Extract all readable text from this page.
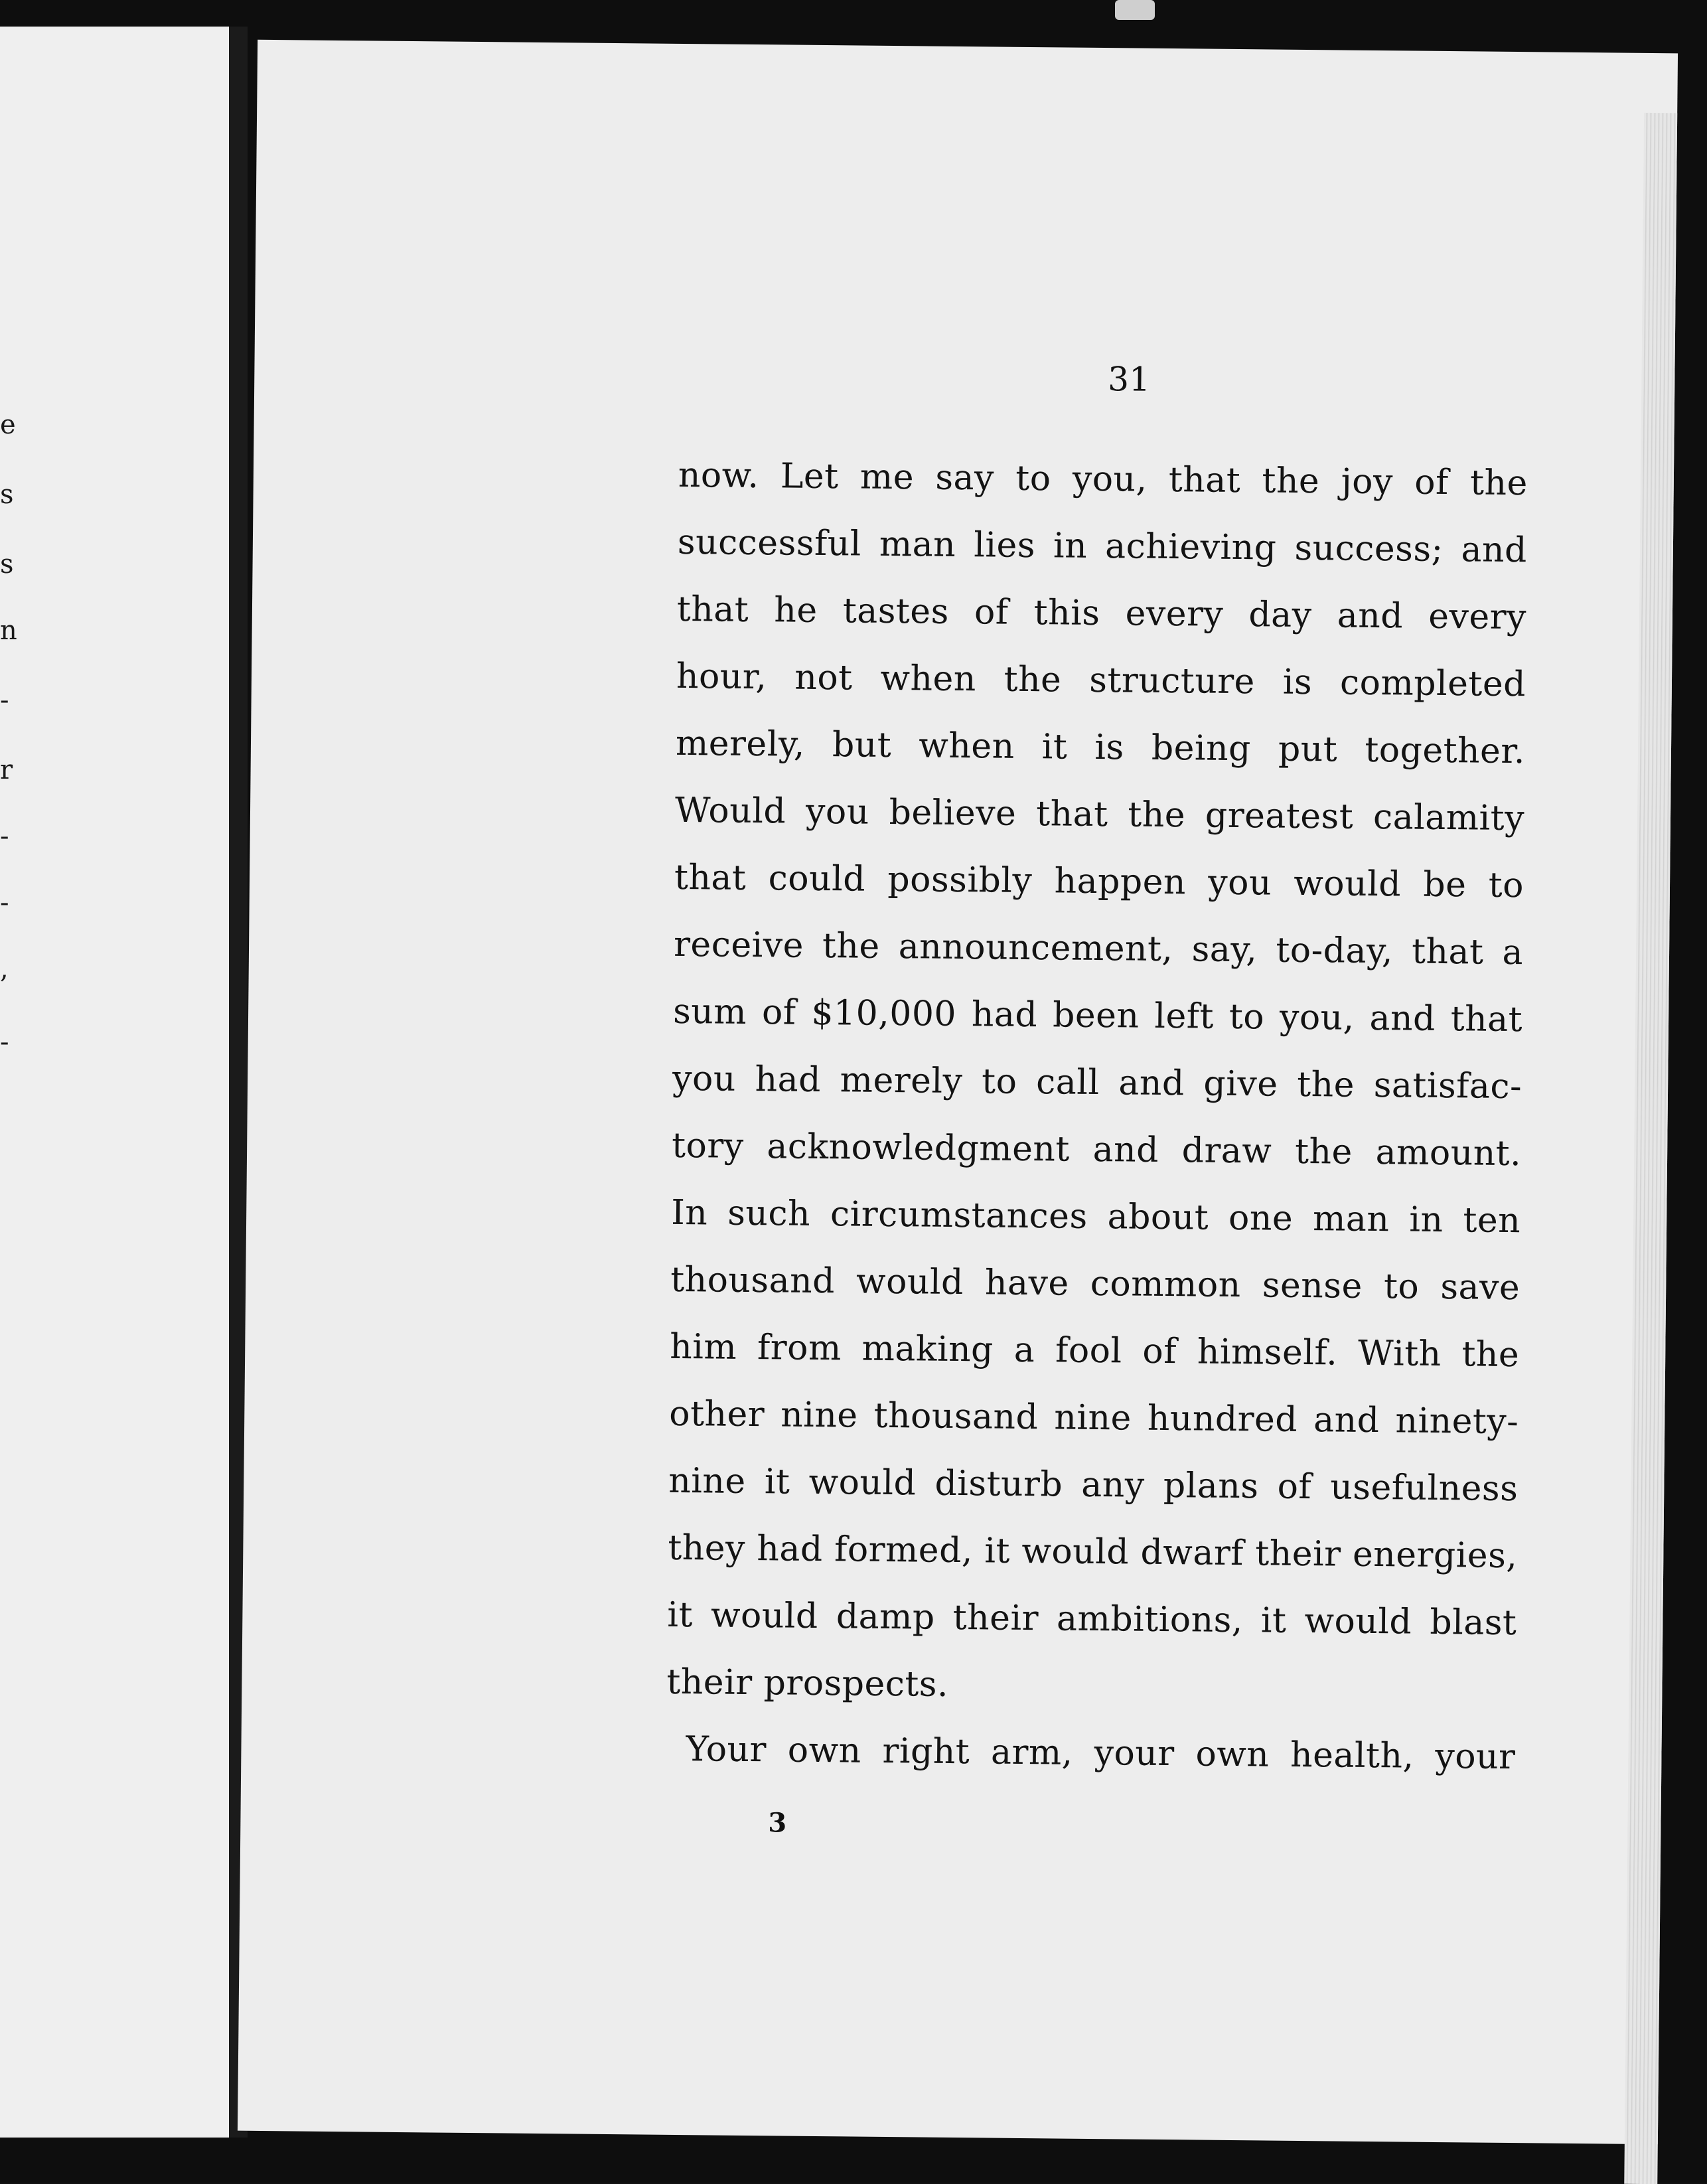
e
s
s
n
-
r
-
-
,
-
31
now. Let me say to you, that the joy of the
successful man lies in achieving success; and
that he tastes of this every day and every
hour, not when the structure is completed
merely, but when it is being put together.
Would you believe that the greatest calamity
that could possibly happen you would be to
receive the announcement, say, to-day, that a
sum of $10,000 had been left to you, and that
you had merely to call and give the satisfac-
tory acknowledgment and draw the amount.
In such circumstances about one man in ten
thousand would have common sense to save
him from making a fool of himself. With the
other nine thousand nine hundred and ninety-
nine it would disturb any plans of usefulness
they had formed, it would dwarf their energies,
it would damp their ambitions, it would blast
their prospects.
Your own right arm, your own health, your
3
